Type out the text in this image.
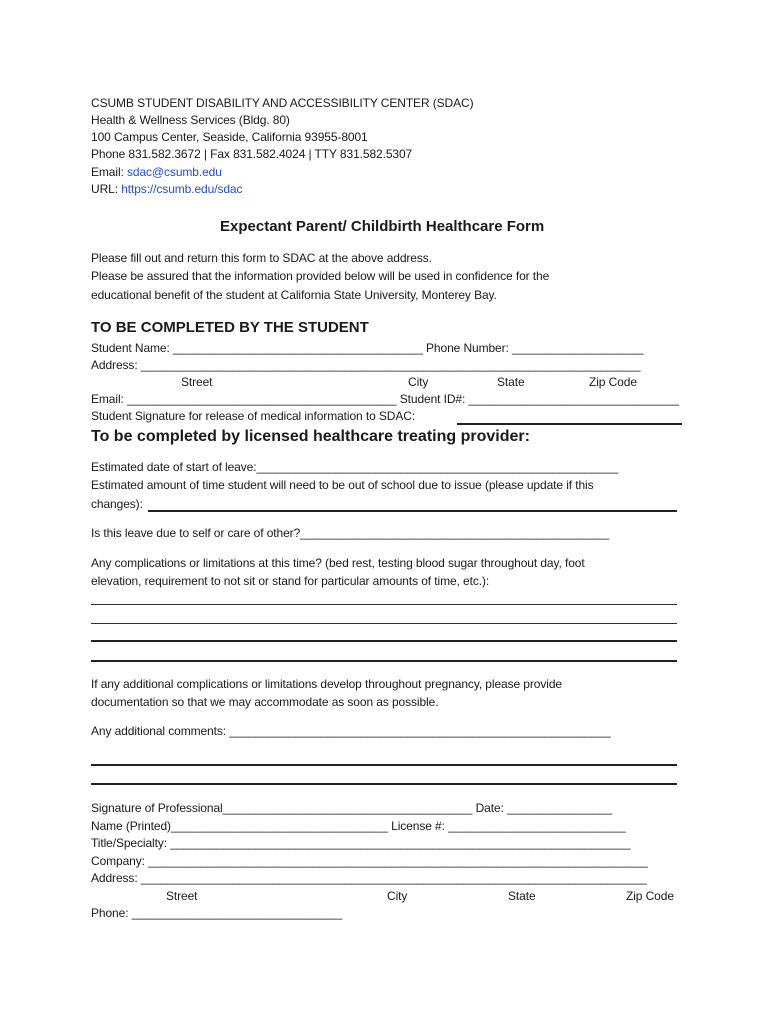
CSUMB STUDENT DISABILITY AND ACCESSIBILITY CENTER (SDAC)
Health & Wellness Services (Bldg. 80)
100 Campus Center, Seaside, California 93955-8001
Phone 831.582.3672 | Fax 831.582.4024 | TTY 831.582.5307
Email: sdac@csumb.edu
URL: https://csumb.edu/sdac
Expectant Parent/ Childbirth Healthcare Form
Please fill out and return this form to SDAC at the above address.
Please be assured that the information provided below will be used in confidence for the
educational benefit of the student at California State University, Monterey Bay.
TO BE COMPLETED BY THE STUDENT
Student Name: ______________________________________ Phone Number: ____________________
Address: ____________________________________________________________________________
Street	City	State	Zip Code
Email: _________________________________________ Student ID#: ________________________________
Student Signature for release of medical information to SDAC:
To be completed by licensed healthcare treating provider:
Estimated date of start of leave:_______________________________________________________
Estimated amount of time student will need to be out of school due to issue (please update if this
changes):
Is this leave due to self or care of other?_______________________________________________
Any complications or limitations at this time? (bed rest, testing blood sugar throughout day, foot
elevation, requirement to not sit or stand for particular amounts of time, etc.):
If any additional complications or limitations develop throughout pregnancy, please provide
documentation so that we may accommodate as soon as possible.
Any additional comments: __________________________________________________________
Signature of Professional______________________________________ Date: ________________
Name (Printed)_________________________________ License #: ___________________________
Title/Specialty: ______________________________________________________________________
Company: ____________________________________________________________________________
Address: _____________________________________________________________________________
Street	City	State	Zip Code
Phone: ________________________________
